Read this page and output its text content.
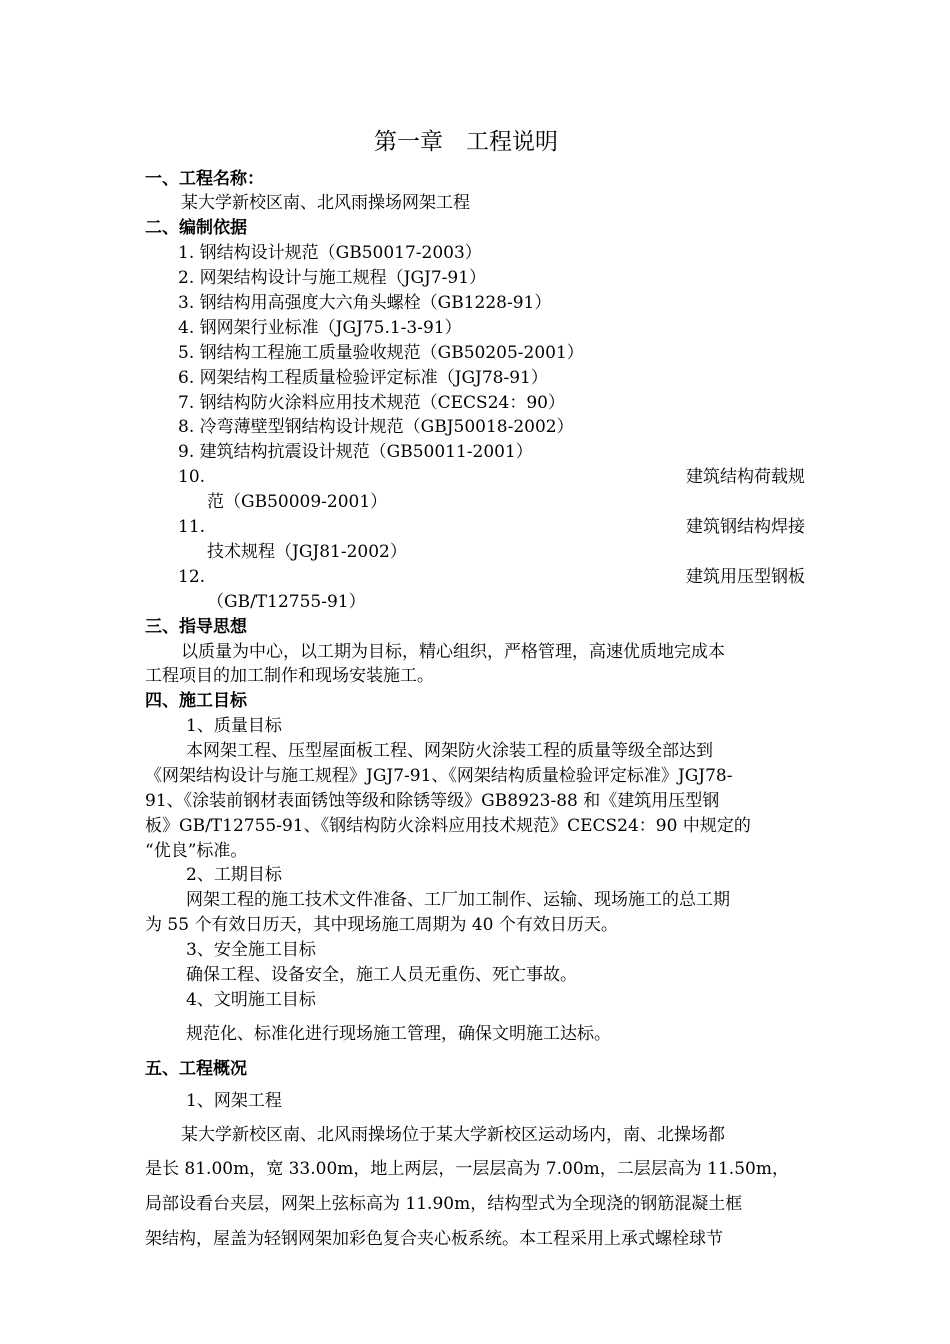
第一章　工程说明
一、工程名称：
某大学新校区南、北风雨操场网架工程
二、编制依据
1. 钢结构设计规范（GB50017-2003）
2. 网架结构设计与施工规程（JGJ7-91）
3. 钢结构用高强度大六角头螺栓（GB1228-91）
4. 钢网架行业标准（JGJ75.1-3-91）
5. 钢结构工程施工质量验收规范（GB50205-2001）
6. 网架结构工程质量检验评定标准（JGJ78-91）
7. 钢结构防火涂料应用技术规范（CECS24：90）
8. 冷弯薄壁型钢结构设计规范（GBJ50018-2002）
9. 建筑结构抗震设计规范（GB50011-2001）
10.	建筑结构荷载规
范（GB50009-2001）
11.	建筑钢结构焊接
技术规程（JGJ81-2002）
12.	建筑用压型钢板
（GB/T12755-91）
三、指导思想
以质量为中心，以工期为目标，精心组织，严格管理，高速优质地完成本
工程项目的加工制作和现场安装施工。
四、施工目标
1、质量目标
本网架工程、压型屋面板工程、网架防火涂装工程的质量等级全部达到
《网架结构设计与施工规程》JGJ7-91、《网架结构质量检验评定标准》JGJ78-
91、《涂装前钢材表面锈蚀等级和除锈等级》GB8923-88 和《建筑用压型钢
板》GB/T12755-91、《钢结构防火涂料应用技术规范》CECS24：90 中规定的
“优良”标准。
2、工期目标
网架工程的施工技术文件准备、工厂加工制作、运输、现场施工的总工期
为 55 个有效日历天，其中现场施工周期为 40 个有效日历天。
3、安全施工目标
确保工程、设备安全，施工人员无重伤、死亡事故。
4、文明施工目标
规范化、标准化进行现场施工管理，确保文明施工达标。
五、工程概况
1、网架工程
某大学新校区南、北风雨操场位于某大学新校区运动场内，南、北操场都
是长 81.00m，宽 33.00m，地上两层，一层层高为 7.00m，二层层高为 11.50m，
局部设看台夹层，网架上弦标高为 11.90m，结构型式为全现浇的钢筋混凝土框
架结构，屋盖为轻钢网架加彩色复合夹心板系统。本工程采用上承式螺栓球节
